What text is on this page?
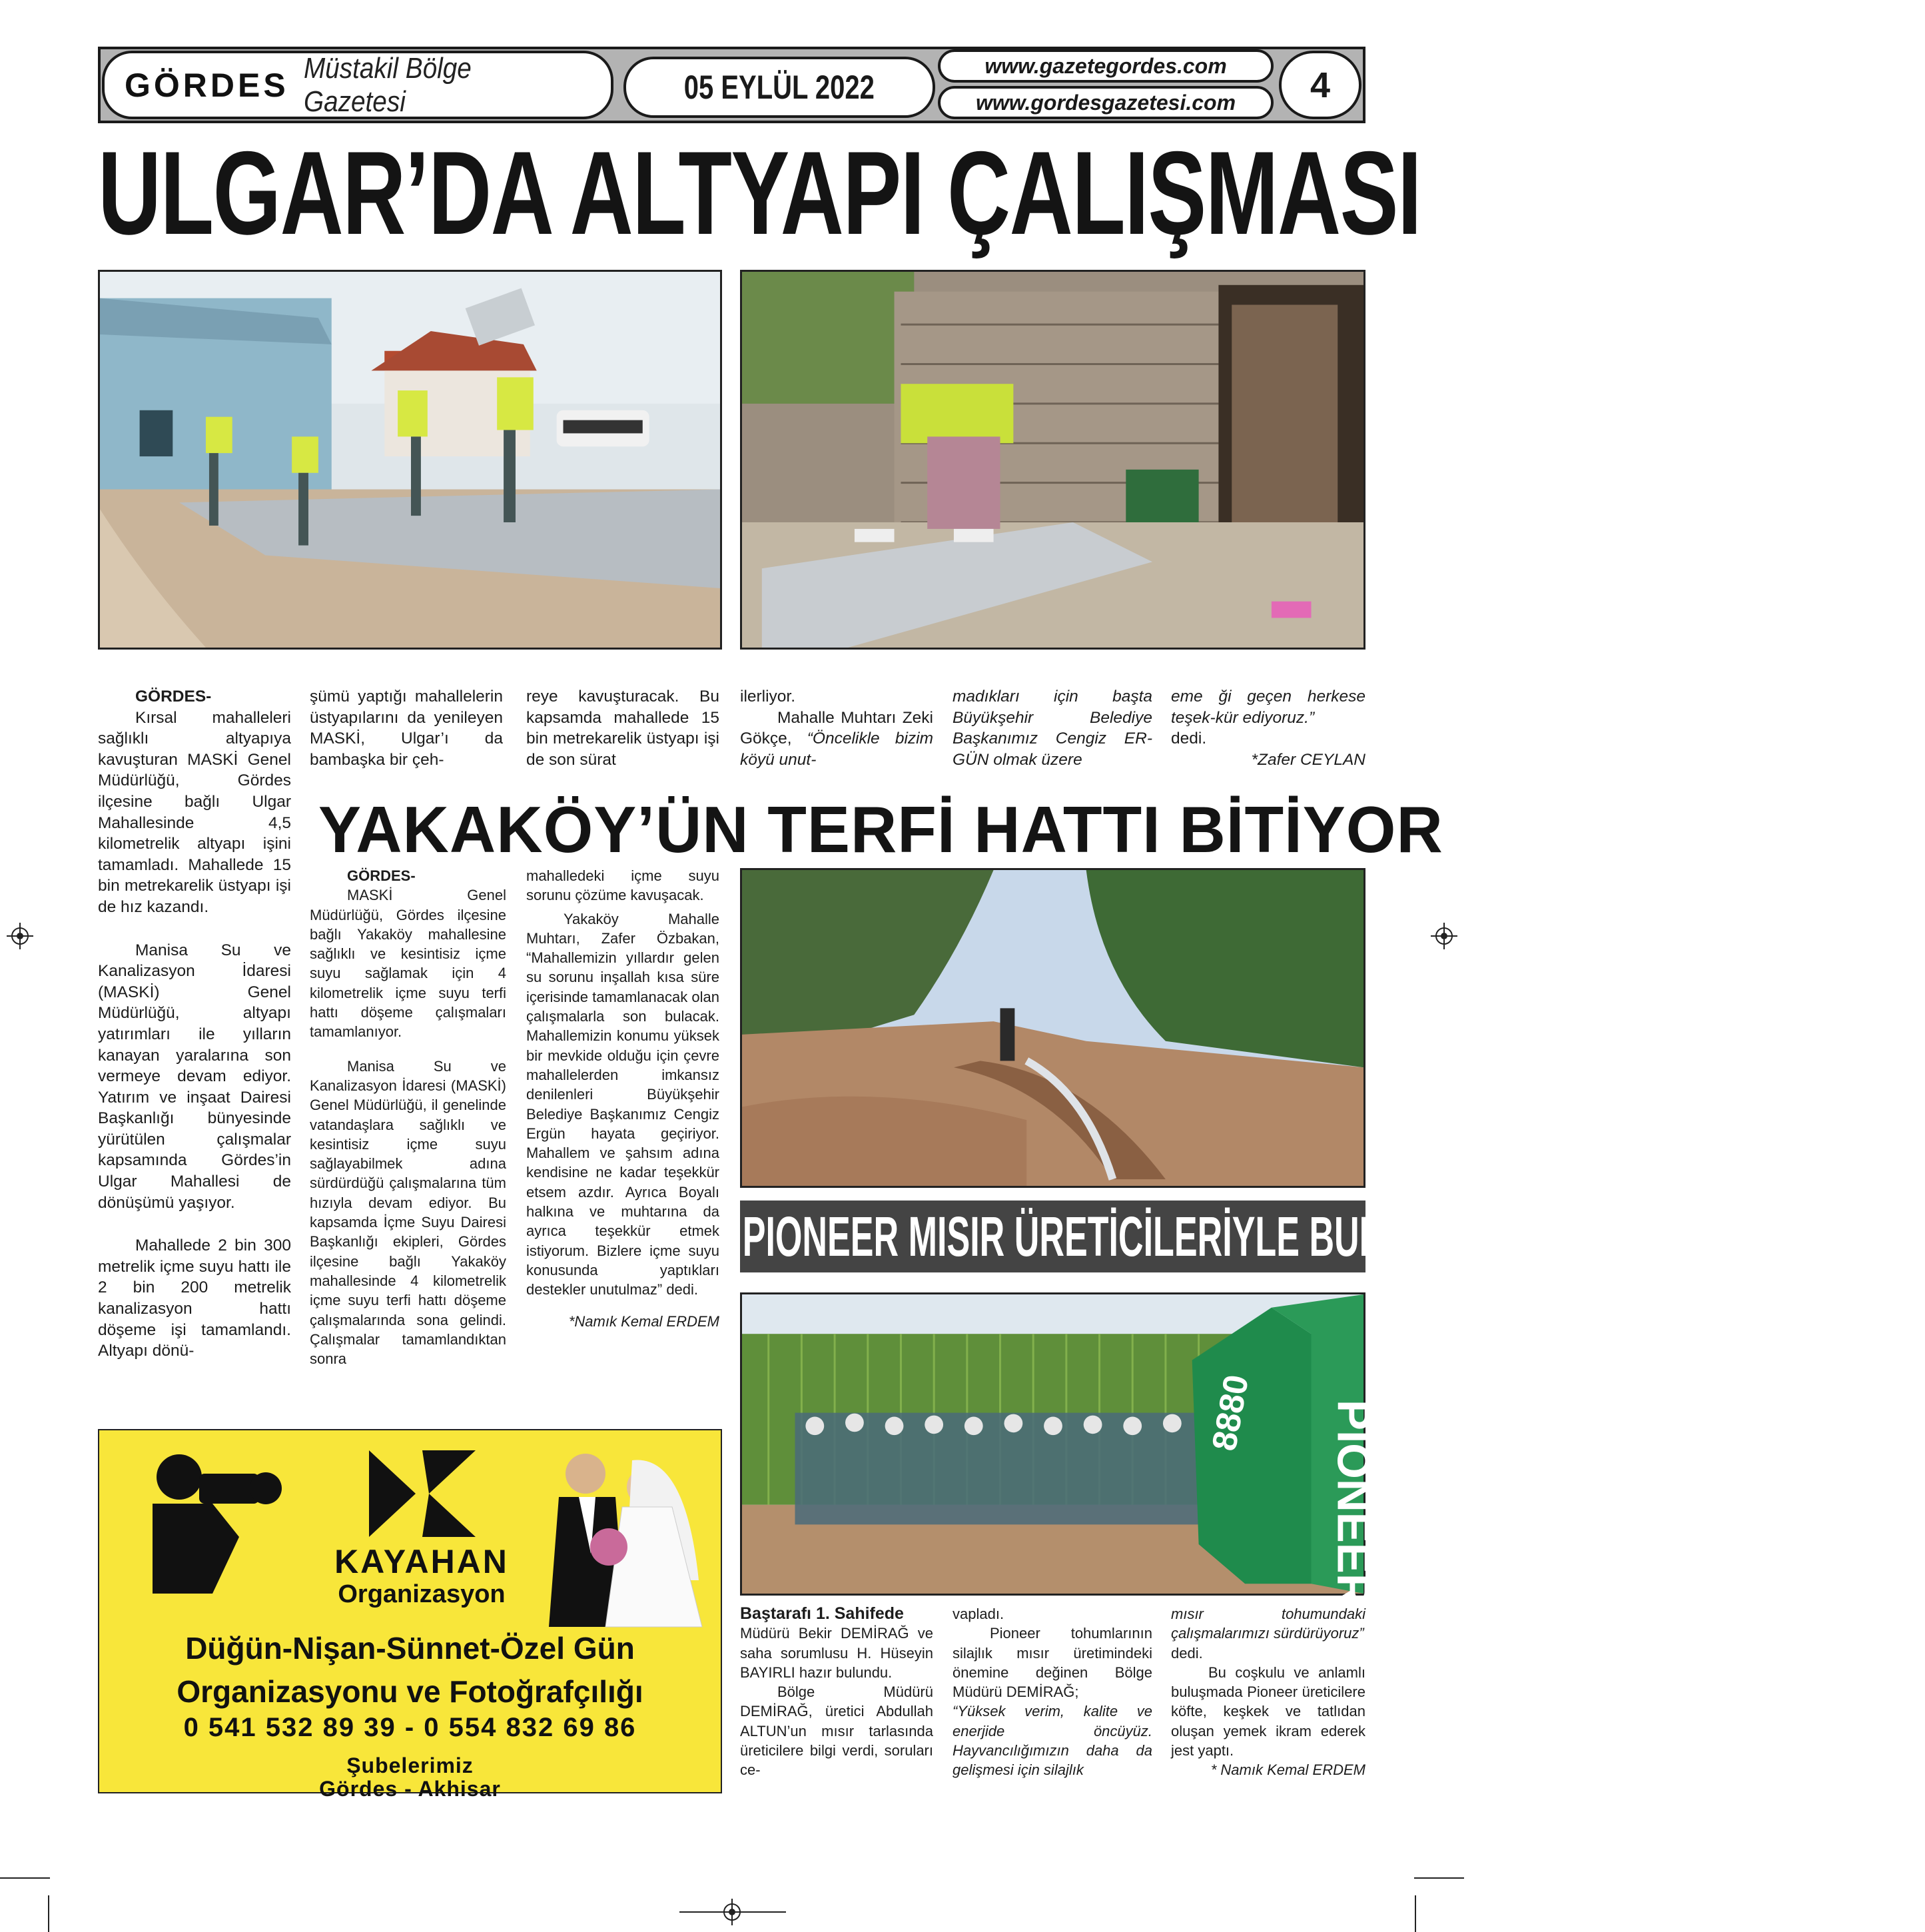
GÖRDES Müstakil Bölge Gazetesi	05 EYLÜL 2022
www.gazetegordes.com
www.gordesgazetesi.com 4
ULGAR’DA ALTYAPI ÇALIŞMASI

GÖRDES-

Kırsal mahalleleri sağlıklı altyapıya kavuşturan MASKİ Genel Müdürlüğü, Gördes ilçesine bağlı Ulgar Mahallesinde 4,5 kilometrelik altyapı işini tamamladı. Mahallede 15 bin metrekarelik üstyapı işi de hız kazandı.

Manisa Su ve Kanalizasyon İdaresi (MASKİ) Genel Müdürlüğü, altyapı yatırımları ile yılların kanayan yaralarına son vermeye devam ediyor. Yatırım ve inşaat Dairesi Başkanlığı bünyesinde yürütülen çalışmalar kapsamında Gördes’in Ulgar Mahallesi de dönüşümü yaşıyor.

Mahallede 2 bin 300 metrelik içme suyu hattı ile 2 bin 200 metrelik kanalizasyon hattı döşeme işi tamamlandı. Altyapı dönü-

şümü yaptığı mahallelerin üstyapılarını da yenileyen MASKİ, Ulgar’ı da bambaşka bir çeh-

reye kavuşturacak. Bu kapsamda mahallede 15 bin metrekarelik üstyapı işi de son sürat

ilerliyor.

Mahalle Muhtarı Zeki Gökçe, “Öncelikle bizim köyü unut-

madıkları için başta Büyükşehir Belediye Başkanımız Cengiz ER-GÜN olmak üzere

eme ği geçen herkese teşek-kür ediyoruz.”

dedi.

*Zafer CEYLAN

YAKAKÖY’ÜN TERFİ HATTI BİTİYOR

GÖRDES-

MASKİ Genel Müdürlüğü, Gördes ilçesine bağlı Yakaköy mahallesine sağlıklı ve kesintisiz içme suyu sağlamak için 4 kilometrelik içme suyu terfi hattı döşeme çalışmaları tamamlanıyor.

Manisa Su ve Kanalizasyon İdaresi (MASKİ) Genel Müdürlüğü, il genelinde vatandaşlara sağlıklı ve kesintisiz içme suyu sağlayabilmek adına sürdürdüğü çalışmalarına tüm hızıyla devam ediyor. Bu kapsamda İçme Suyu Dairesi Başkanlığı ekipleri, Gördes ilçesine bağlı Yakaköy mahallesinde 4 kilometrelik içme suyu terfi hattı döşeme çalışmalarında sona gelindi. Çalışmalar tamamlandıktan sonra

mahalledeki içme suyu sorunu çözüme kavuşacak.

Yakaköy Mahalle Muhtarı, Zafer Özbakan, “Mahallemizin yıllardır gelen su sorunu inşallah kısa süre içerisinde tamamlanacak olan çalışmalarla son bulacak. Mahallemizin konumu yüksek bir mevkide olduğu için çevre mahallelerden imkansız denilenleri Büyükşehir Belediye Başkanımız Cengiz Ergün hayata geçiriyor. Mahallem ve şahsım adına kendisine ne kadar teşekkür etsem azdır. Ayrıca Boyalı halkına ve muhtarına da ayrıca teşekkür etmek istiyorum. Bizlere içme suyu konusunda yaptıkları destekler unutulmaz” dedi.

*Namık Kemal ERDEM

PIONEER MISIR ÜRETİCİLERİYLE BULUŞTU
PIONEER
8880

Baştarafı 1. Sahifede

Müdürü Bekir DEMİRAĞ ve saha sorumlusu H. Hüseyin BAYIRLI hazır bulundu.

Bölge Müdürü DEMİRAĞ, üretici Abdullah ALTUN’un mısır tarlasında üreticilere bilgi verdi, soruları ce-

vapladı.

Pioneer tohumlarının silajlık mısır üretimindeki önemine değinen Bölge Müdürü DEMİRAĞ;

“Yüksek verim, kalite ve enerjide öncüyüz. Hayvancılığımızın daha da gelişmesi için silajlık

mısır tohumundaki çalışmalarımızı sürdürüyoruz”

dedi.

Bu coşkulu ve anlamlı buluşmada Pioneer üreticilere köfte, keşkek ve tatlıdan oluşan yemek ikram ederek jest yaptı.

* Namık Kemal ERDEM

KAYAHAN
Organizasyon
Düğün-Nişan-Sünnet-Özel Gün
Organizasyonu ve Fotoğrafçılığı
0 541 532 89 39 - 0 554 832 69 86
Şubelerimiz
Gördes - Akhisar
